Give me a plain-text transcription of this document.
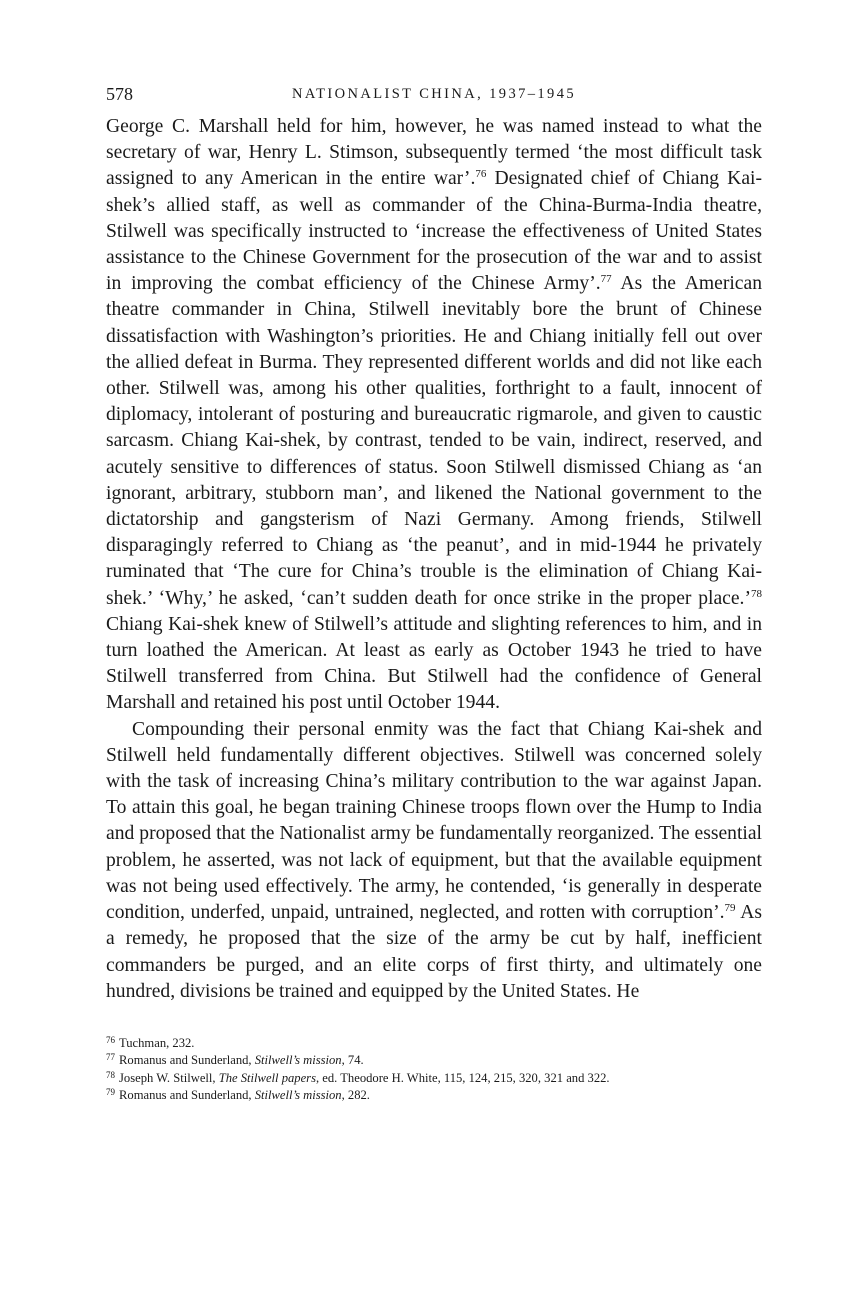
578	NATIONALIST CHINA, 1937–1945

George C. Marshall held for him, however, he was named instead to what the secretary of war, Henry L. Stimson, subsequently termed ‘the most difficult task assigned to any American in the entire war’.$^{76}$ Designated chief of Chiang Kai-shek’s allied staff, as well as commander of the China-Burma-India theatre, Stilwell was specifically instructed to ‘increase the effectiveness of United States assistance to the Chinese Government for the prosecution of the war and to assist in improving the combat efficiency of the Chinese Army’.$^{77}$ As the American theatre commander in China, Stilwell inevitably bore the brunt of Chinese dissatisfaction with Washington’s priorities. He and Chiang initially fell out over the allied defeat in Burma. They represented different worlds and did not like each other. Stilwell was, among his other qualities, forthright to a fault, innocent of diplomacy, intolerant of posturing and bureaucratic rigmarole, and given to caustic sarcasm. Chiang Kai-shek, by contrast, tended to be vain, indirect, reserved, and acutely sensitive to differences of status. Soon Stilwell dismissed Chiang as ‘an ignorant, arbitrary, stubborn man’, and likened the National government to the dictatorship and gangsterism of Nazi Germany. Among friends, Stilwell disparagingly referred to Chiang as ‘the peanut’, and in mid-1944 he privately ruminated that ‘The cure for China’s trouble is the elimination of Chiang Kai-shek.’ ‘Why,’ he asked, ‘can’t sudden death for once strike in the proper place.’$^{78}$ Chiang Kai-shek knew of Stilwell’s attitude and slighting references to him, and in turn loathed the American. At least as early as October 1943 he tried to have Stilwell transferred from China. But Stilwell had the confidence of General Marshall and retained his post until October 1944.

Compounding their personal enmity was the fact that Chiang Kai-shek and Stilwell held fundamentally different objectives. Stilwell was concerned solely with the task of increasing China’s military contribution to the war against Japan. To attain this goal, he began training Chinese troops flown over the Hump to India and proposed that the Nationalist army be fundamentally reorganized. The essential problem, he asserted, was not lack of equipment, but that the available equipment was not being used effectively. The army, he contended, ‘is generally in desperate condition, underfed, unpaid, untrained, neglected, and rotten with corruption’.$^{79}$ As a remedy, he proposed that the size of the army be cut by half, inefficient commanders be purged, and an elite corps of first thirty, and ultimately one hundred, divisions be trained and equipped by the United States. He

$^{76}$ Tuchman, 232.
$^{77}$ Romanus and Sunderland, Stilwell’s mission, 74.
$^{78}$ Joseph W. Stilwell, The Stilwell papers, ed. Theodore H. White, 115, 124, 215, 320, 321 and 322.
$^{79}$ Romanus and Sunderland, Stilwell’s mission, 282.
